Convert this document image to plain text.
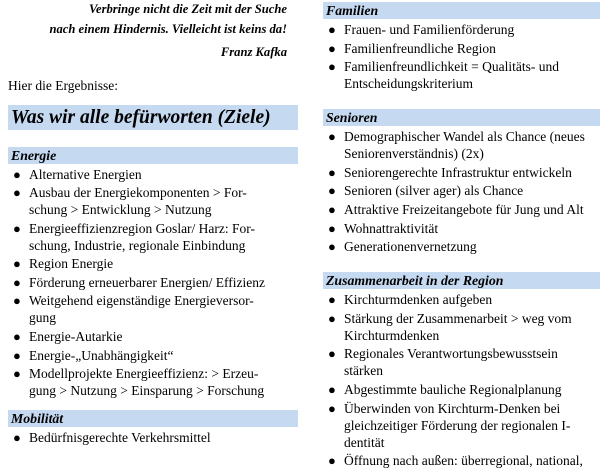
Verbringe nicht die Zeit mit der Suche
nach einem Hindernis. Vielleicht ist keins da!
Franz Kafka
Hier die Ergebnisse:
Was wir alle befürworten (Ziele)
Energie
● Alternative Energien
● Ausbau der Energiekomponenten > For-
schung > Entwicklung > Nutzung
● Energieeffizienzregion Goslar/ Harz: For-
schung, Industrie, regionale Einbindung
● Region Energie
● Förderung erneuerbarer Energien/ Effizienz
● Weitgehend eigenständige Energieversor-
gung
● Energie-Autarkie
● Energie-„Unabhängigkeit“
● Modellprojekte Energieeffizienz: > Erzeu-
gung > Nutzung > Einsparung > Forschung
Mobilität
● Bedürfnisgerechte Verkehrsmittel
Familien
● Frauen- und Familienförderung
● Familienfreundliche Region
● Familienfreundlichkeit = Qualitäts- und
Entscheidungskriterium
Senioren
● Demographischer Wandel als Chance (neues
Seniorenverständnis) (2x)
● Seniorengerechte Infrastruktur entwickeln
● Senioren (silver ager) als Chance
● Attraktive Freizeitangebote für Jung und Alt
● Wohnattraktivität
● Generationenvernetzung
Zusammenarbeit in der Region
● Kirchturmdenken aufgeben
● Stärkung der Zusammenarbeit > weg vom
Kirchturmdenken
● Regionales Verantwortungsbewusstsein
stärken
● Abgestimmte bauliche Regionalplanung
● Überwinden von Kirchturm-Denken bei
gleichzeitiger Förderung der regionalen I-
dentität
● Öffnung nach außen: überregional, national,
